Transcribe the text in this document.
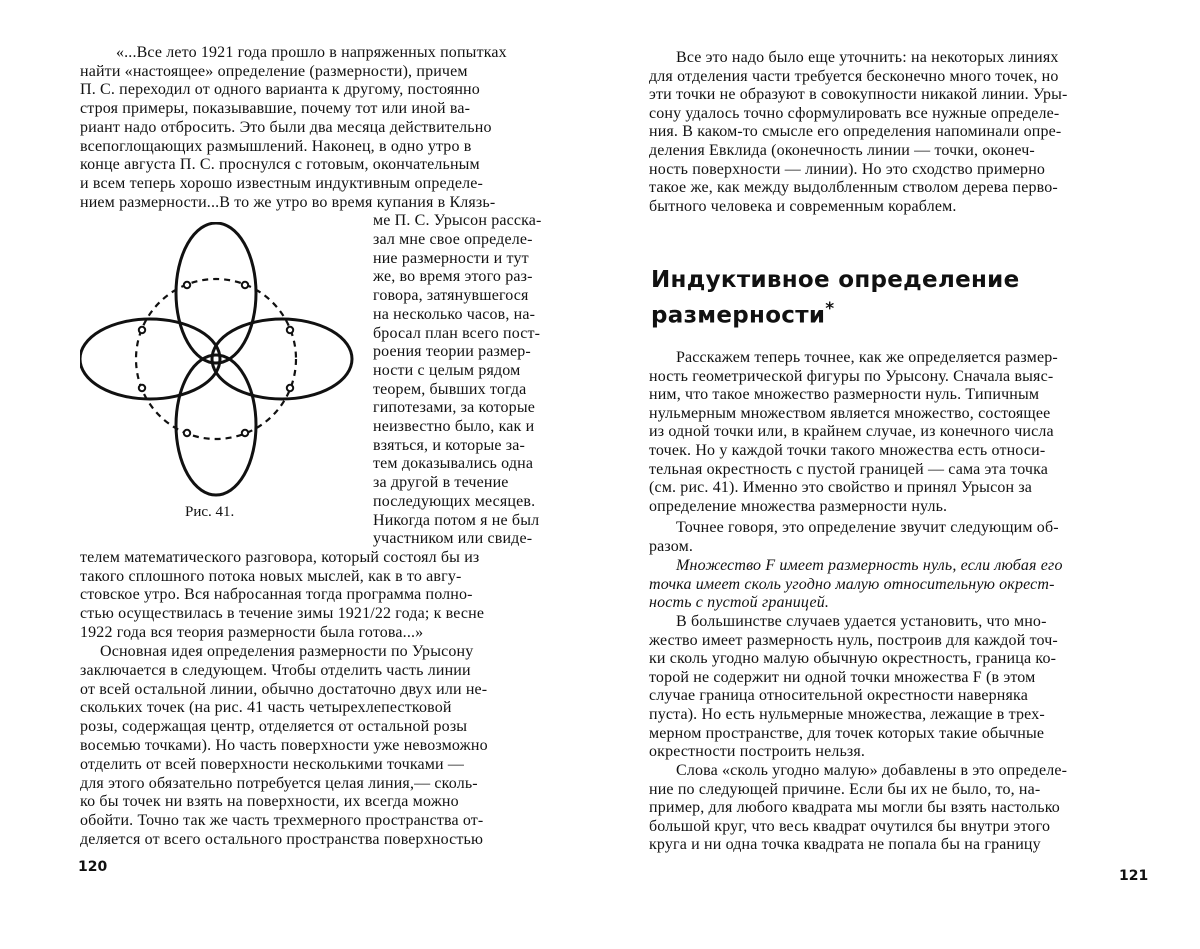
Рис. 41.
Индуктивное определение
размерности*
120
121
«...Все лето 1921 года прошло в напряженных попытках
найти «настоящее» определение (размерности), причем
П. С. переходил от одного варианта к другому, постоянно
строя примеры, показывавшие, почему тот или иной ва-
риант надо отбросить. Это были два месяца действительно
всепоглощающих размышлений. Наконец, в одно утро в
конце августа П. С. проснулся с готовым, окончательным
и всем теперь хорошо известным индуктивным определе-
нием размерности...В то же утро во время купания в Клязь-
ме П. С. Урысон расска-
зал мне свое определе-
ние размерности и тут
же, во время этого раз-
говора, затянувшегося
на несколько часов, на-
бросал план всего пост-
роения теории размер-
ности с целым рядом
теорем, бывших тогда
гипотезами, за которые
неизвестно было, как и
взяться, и которые за-
тем доказывались одна
за другой в течение
последующих месяцев.
Никогда потом я не был
участником или свиде-
телем математического разговора, который состоял бы из
такого сплошного потока новых мыслей, как в то авгу-
стовское утро. Вся набросанная тогда программа полно-
стью осуществилась в течение зимы 1921/22 года; к весне
1922 года вся теория размерности была готова...»
Основная идея определения размерности по Урысону
заключается в следующем. Чтобы отделить часть линии
от всей остальной линии, обычно достаточно двух или не-
скольких точек (на рис. 41 часть четырехлепестковой
розы, содержащая центр, отделяется от остальной розы
восемью точками). Но часть поверхности уже невозможно
отделить от всей поверхности несколькими точками —
для этого обязательно потребуется целая линия,— сколь-
ко бы точек ни взять на поверхности, их всегда можно
обойти. Точно так же часть трехмерного пространства от-
деляется от всего остального пространства поверхностью
Все это надо было еще уточнить: на некоторых линиях
для отделения части требуется бесконечно много точек, но
эти точки не образуют в совокупности никакой линии. Уры-
сону удалось точно сформулировать все нужные определе-
ния. В каком-то смысле его определения напоминали опре-
деления Евклида (оконечность линии — точки, оконеч-
ность поверхности — линии). Но это сходство примерно
такое же, как между выдолбленным стволом дерева перво-
бытного человека и современным кораблем.
Расскажем теперь точнее, как же определяется размер-
ность геометрической фигуры по Урысону. Сначала выяс-
ним, что такое множество размерности нуль. Типичным
нульмерным множеством является множество, состоящее
из одной точки или, в крайнем случае, из конечного числа
точек. Но у каждой точки такого множества есть относи-
тельная окрестность с пустой границей — сама эта точка
(см. рис. 41). Именно это свойство и принял Урысон за
определение множества размерности нуль.
Точнее говоря, это определение звучит следующим об-
разом.
Множество F имеет размерность нуль, если любая его
точка имеет сколь угодно малую относительную окрест-
ность с пустой границей.
В большинстве случаев удается установить, что мно-
жество имеет размерность нуль, построив для каждой точ-
ки сколь угодно малую обычную окрестность, граница ко-
торой не содержит ни одной точки множества F (в этом
случае граница относительной окрестности наверняка
пуста). Но есть нульмерные множества, лежащие в трех-
мерном пространстве, для точек которых такие обычные
окрестности построить нельзя.
Слова «сколь угодно малую» добавлены в это определе-
ние по следующей причине. Если бы их не было, то, на-
пример, для любого квадрата мы могли бы взять настолько
большой круг, что весь квадрат очутился бы внутри этого
круга и ни одна точка квадрата не попала бы на границу
